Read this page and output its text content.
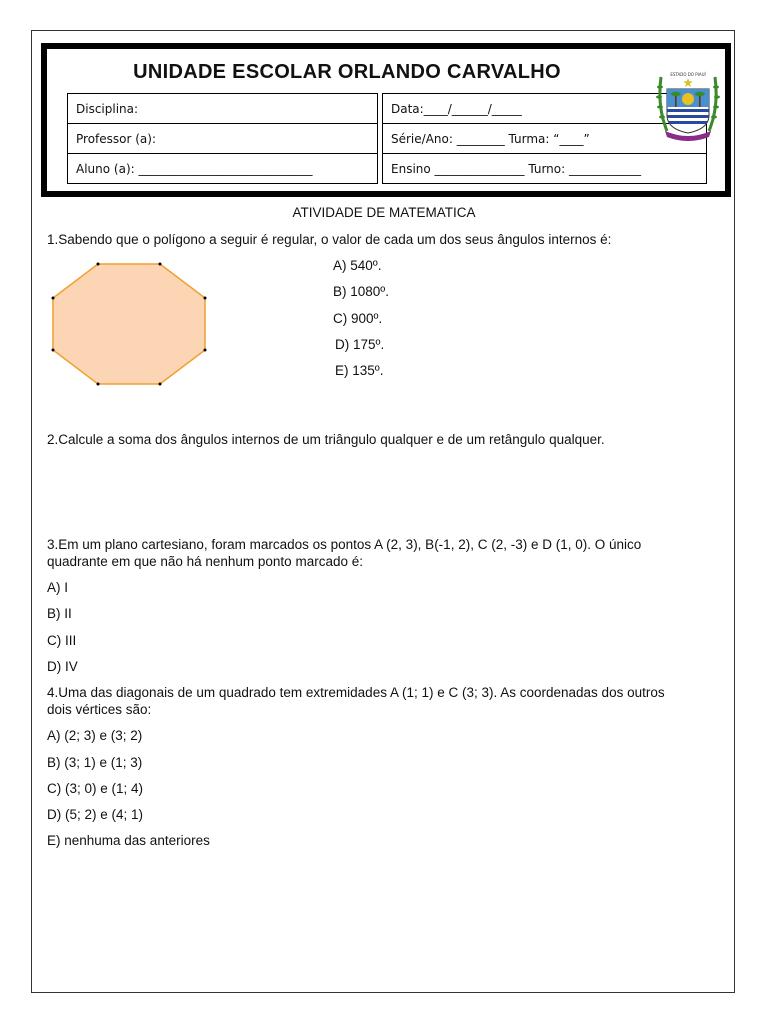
UNIDADE ESCOLAR ORLANDO CARVALHO
Disciplina:
Professor (a):
Aluno (a): _____________________________
Data:____/______/_____
Série/Ano: ________ Turma: “____”
Ensino _______________ Turno: ____________
ESTADO DO PIAUÍ
ATIVIDADE DE MATEMATICA
1.Sabendo que o polígono a seguir é regular, o valor de cada um dos seus ângulos internos é:
A) 540º.
B) 1080º.
C) 900º.
D) 175º.
E) 135º.
2.Calcule a soma dos ângulos internos de um triângulo qualquer e de um retângulo qualquer.
3.Em um plano cartesiano, foram marcados os pontos A (2, 3), B(-1, 2), C (2, -3) e D (1, 0). O único
quadrante em que não há nenhum ponto marcado é:
A) I
B) II
C) III
D) IV
4.Uma das diagonais de um quadrado tem extremidades A (1; 1) e C (3; 3). As coordenadas dos outros
dois vértices são:
A) (2; 3) e (3; 2)
B) (3; 1) e (1; 3)
C) (3; 0) e (1; 4)
D) (5; 2) e (4; 1)
E) nenhuma das anteriores
